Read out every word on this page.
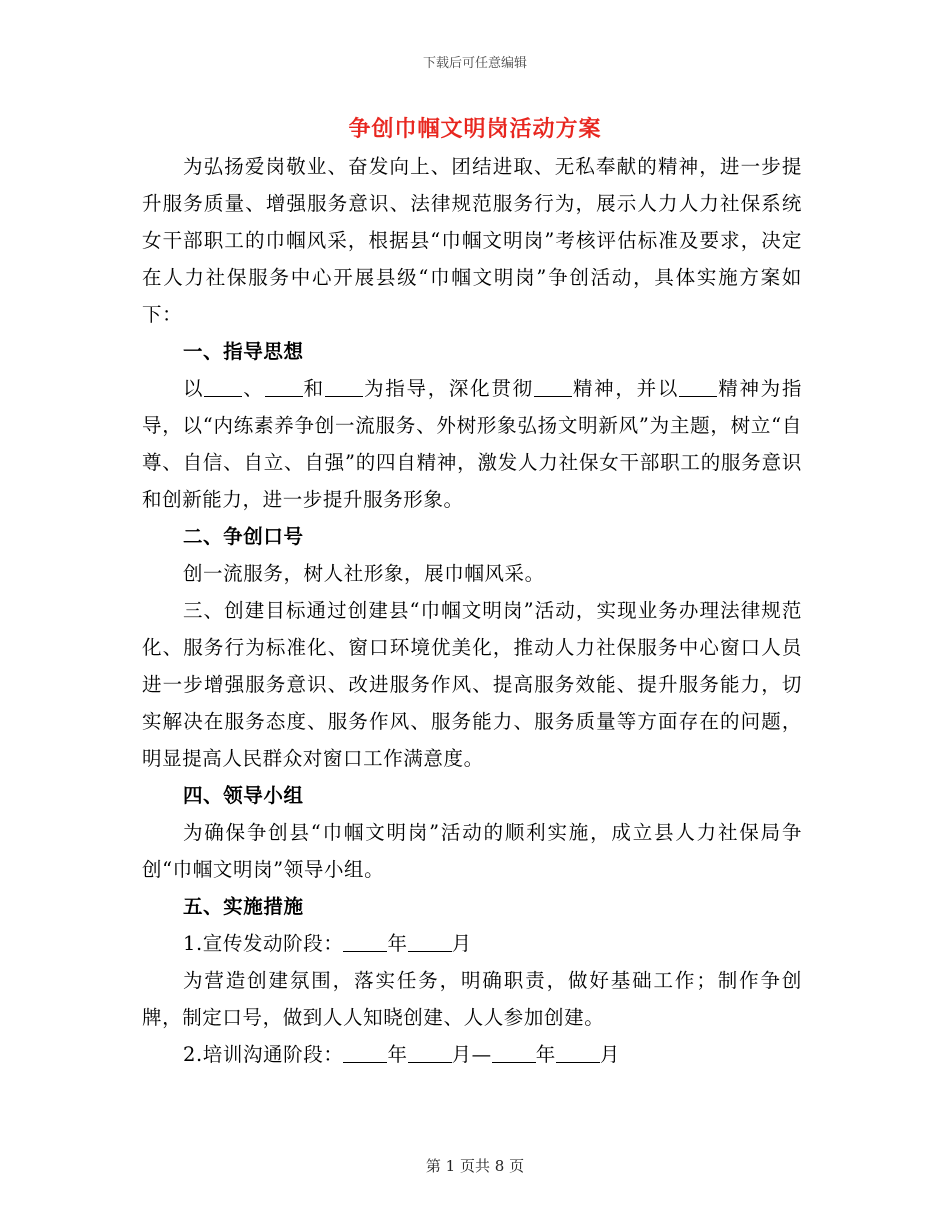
下载后可任意编辑
争创巾帼文明岗活动方案

为弘扬爱岗敬业、奋发向上、团结进取、无私奉献的精神，进一步提升服务质量、增强服务意识、法律规范服务行为，展示人力人力社保系统女干部职工的巾帼风采，根据县“巾帼文明岗”考核评估标准及要求，决定在人力社保服务中心开展县级“巾帼文明岗”争创活动，具体实施方案如下：

一、指导思想

以 、 和 为指导，深化贯彻 精神，并以 精神为指导，以“内练素养争创一流服务、外树形象弘扬文明新风”为主题，树立“自尊、自信、自立、自强”的四自精神，激发人力社保女干部职工的服务意识和创新能力，进一步提升服务形象。

二、争创口号

创一流服务，树人社形象，展巾帼风采。

三、创建目标通过创建县“巾帼文明岗”活动，实现业务办理法律规范化、服务行为标准化、窗口环境优美化，推动人力社保服务中心窗口人员进一步增强服务意识、改进服务作风、提高服务效能、提升服务能力，切实解决在服务态度、服务作风、服务能力、服务质量等方面存在的问题，明显提高人民群众对窗口工作满意度。

四、领导小组

为确保争创县“巾帼文明岗”活动的顺利实施，成立县人力社保局争创“巾帼文明岗”领导小组。

五、实施措施

1.宣传发动阶段： 年 月

为营造创建氛围，落实任务，明确职责，做好基础工作；制作争创牌，制定口号，做到人人知晓创建、人人参加创建。

2.培训沟通阶段： 年 月— 年 月

第 1 页共 8 页
